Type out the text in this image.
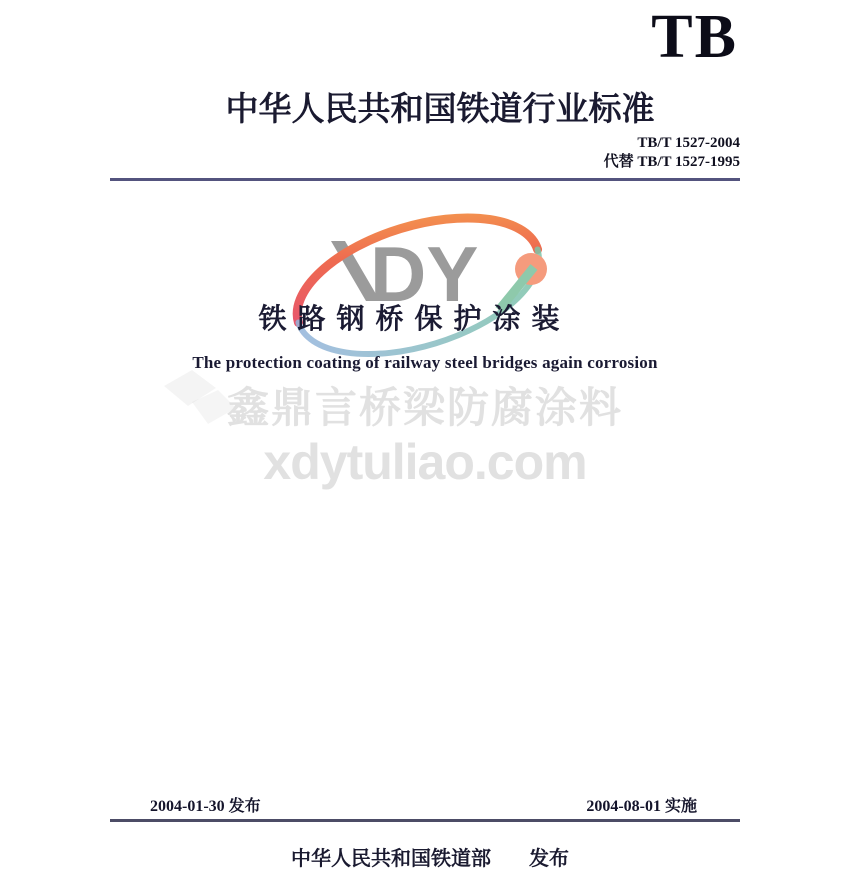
TB
中华人民共和国铁道行业标准
TB/T 1527-2004
代替 TB/T 1527-1995
DY
铁路钢桥保护涂装
The protection coating of railway steel bridges again corrosion
鑫鼎言桥梁防腐涂料
xdytuliao.com
2004-01-30 发布	2004-08-01 实施
中华人民共和国铁道部 发布
